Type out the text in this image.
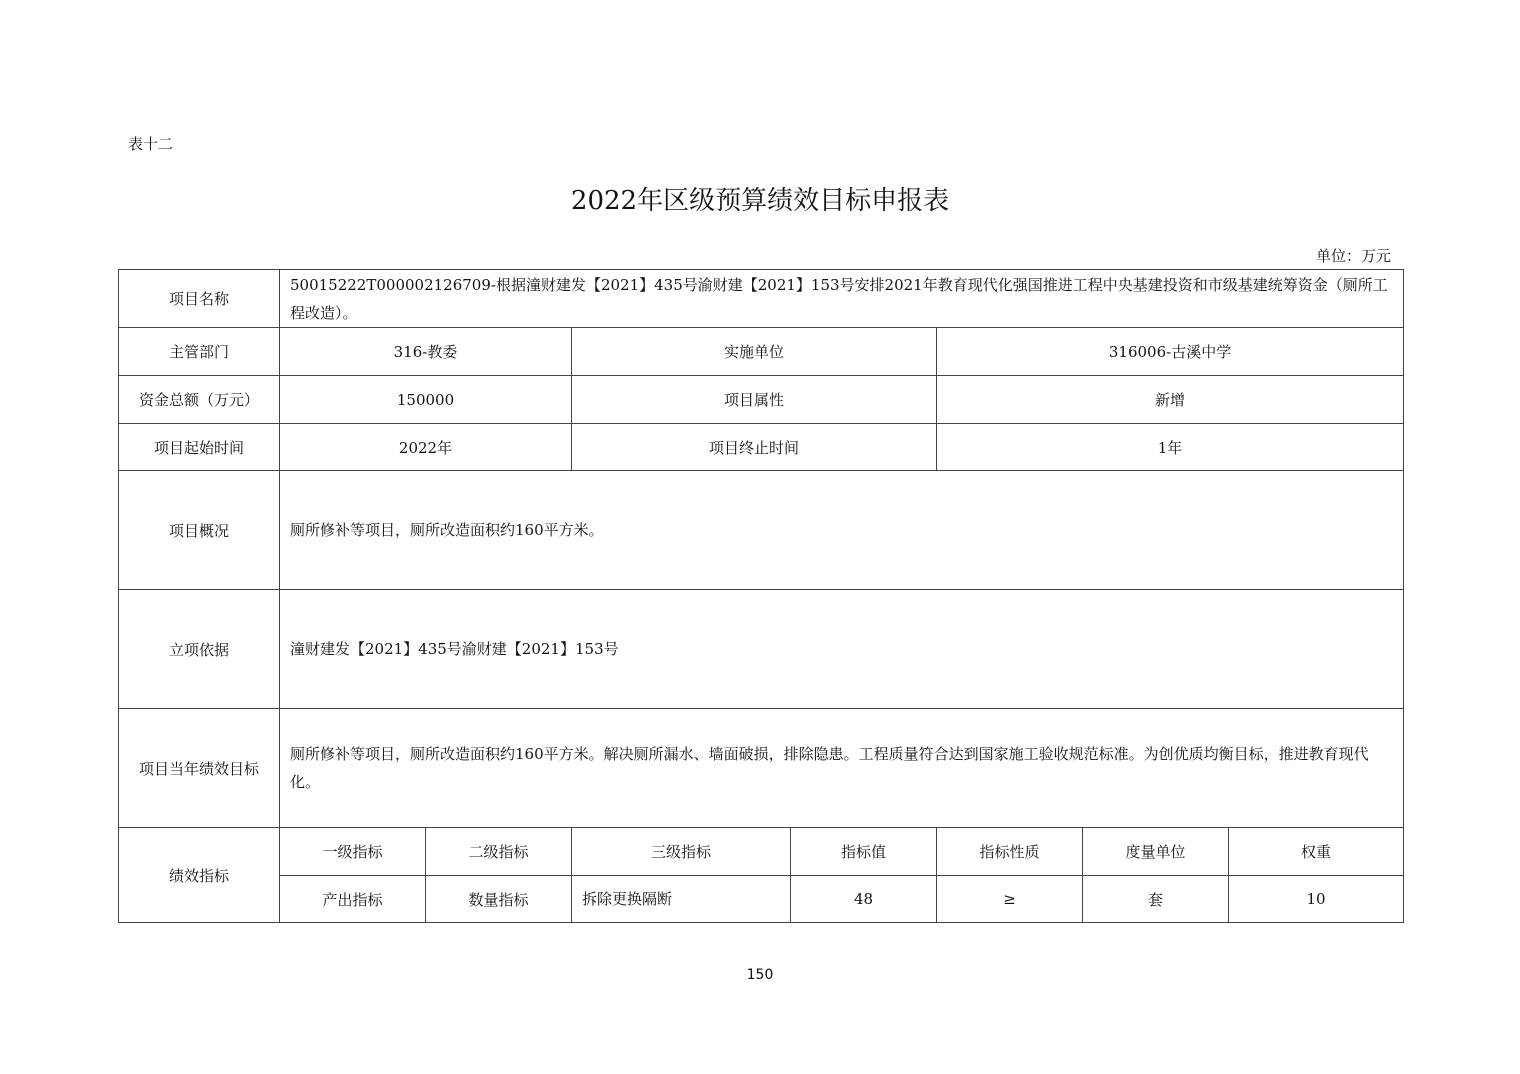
表十二
2022年区级预算绩效目标申报表
单位：万元
项目名称	50015222T000002126709-根据潼财建发【2021】435号渝财建【2021】153号安排2021年教育现代化强国推进工程中央基建投资和市级基建统筹资金（厕所工程改造）。						
主管部门	316-教委		实施单位		316006-古溪中学		
资金总额（万元）	150000		项目属性		新增		
项目起始时间	2022年		项目终止时间		1年		
项目概况	厕所修补等项目，厕所改造面积约160平方米。						
立项依据	潼财建发【2021】435号渝财建【2021】153号						
项目当年绩效目标	厕所修补等项目，厕所改造面积约160平方米。解决厕所漏水、墙面破损，排除隐患。工程质量符合达到国家施工验收规范标准。为创优质均衡目标，推进教育现代化。						
绩效指标	一级指标	二级指标	三级指标	指标值	指标性质	度量单位	权重
	产出指标	数量指标	拆除更换隔断	48	≥	套	10
150
